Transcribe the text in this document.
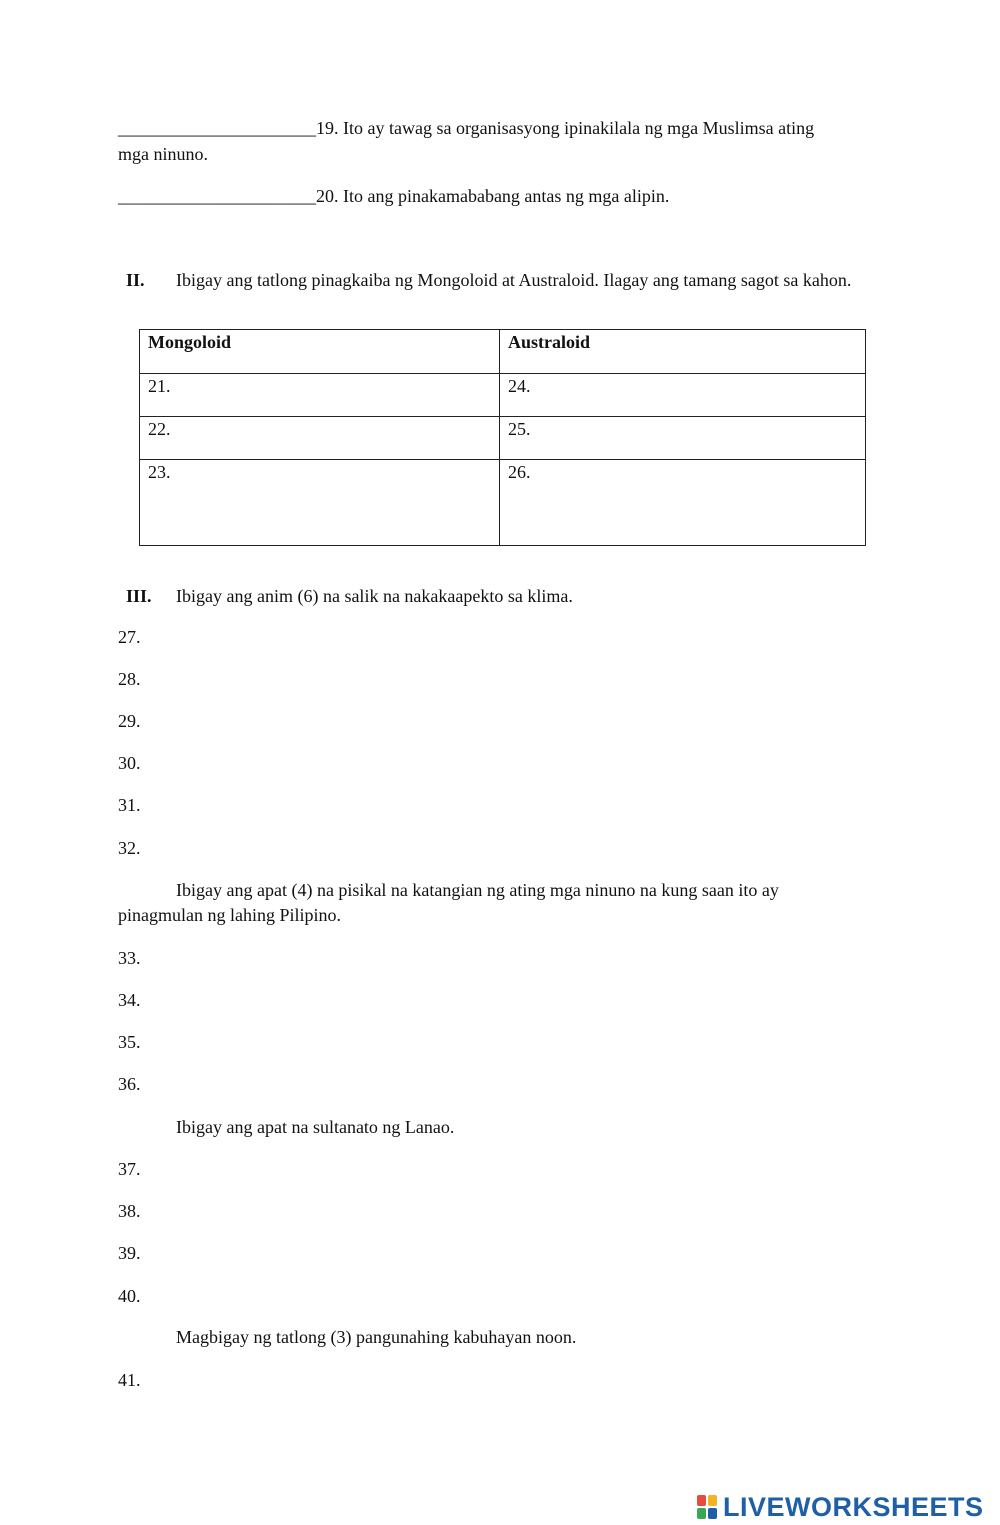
______________________19. Ito ay tawag sa organisasyong ipinakilala ng mga Muslimsa ating
mga ninuno.
______________________20. Ito ang pinakamababang antas ng mga alipin.
II. Ibigay ang tatlong pinagkaiba ng Mongoloid at Australoid. Ilagay ang tamang sagot sa kahon.
Mongoloid	Australoid
21.	24.
22.	25.
23.	26.
III. Ibigay ang anim (6) na salik na nakakaapekto sa klima.
27.
28.
29.
30.
31.
32.
Ibigay ang apat (4) na pisikal na katangian ng ating mga ninuno na kung saan ito ay
pinagmulan ng lahing Pilipino.
33.
34.
35.
36.
Ibigay ang apat na sultanato ng Lanao.
37.
38.
39.
40.
Magbigay ng tatlong (3) pangunahing kabuhayan noon.
41.
LIVEWORKSHEETS
